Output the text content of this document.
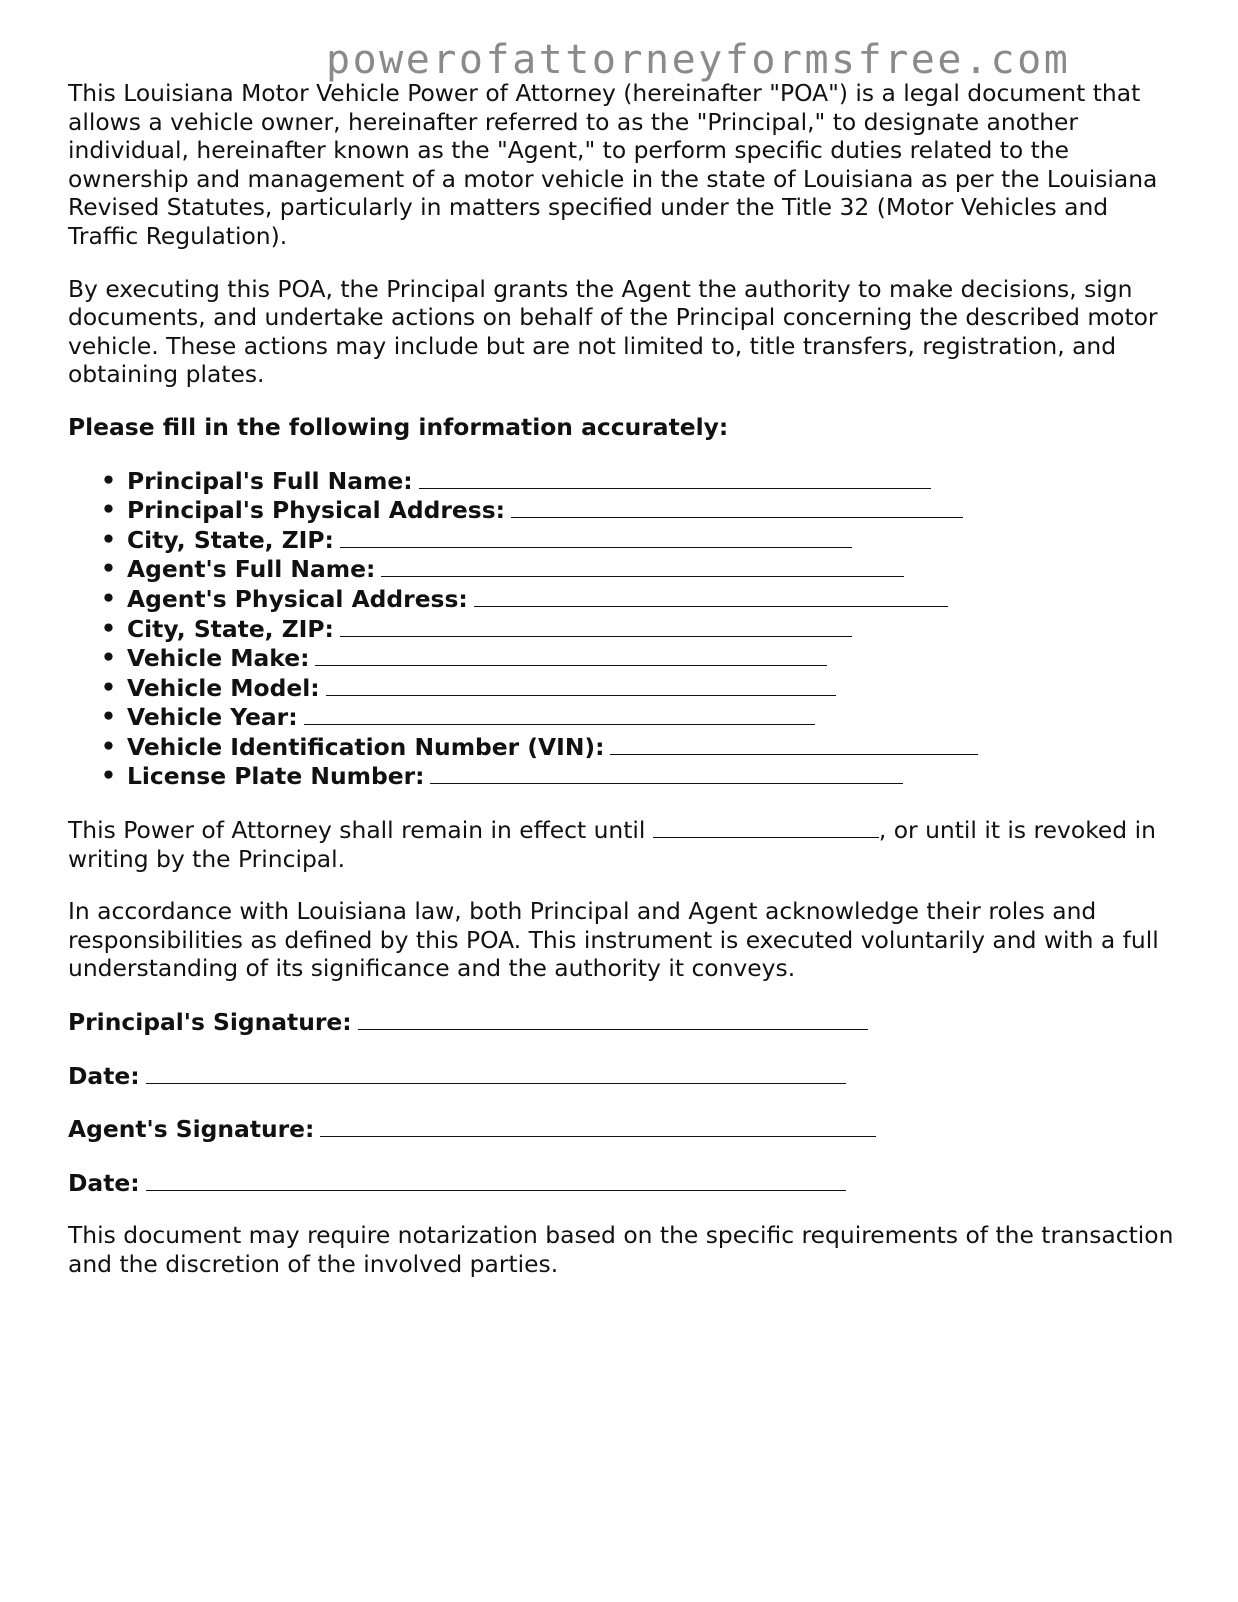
powerofattorneyformsfree.com

This Louisiana Motor Vehicle Power of Attorney (hereinafter "POA") is a legal document that allows a vehicle owner, hereinafter referred to as the "Principal," to designate another individual, hereinafter known as the "Agent," to perform specific duties related to the ownership and management of a motor vehicle in the state of Louisiana as per the Louisiana Revised Statutes, particularly in matters specified under the Title 32 (Motor Vehicles and Traffic Regulation).

By executing this POA, the Principal grants the Agent the authority to make decisions, sign documents, and undertake actions on behalf of the Principal concerning the described motor vehicle. These actions may include but are not limited to, title transfers, registration, and obtaining plates.

Please fill in the following information accurately:

• Principal's Full Name:
• Principal's Physical Address:
• City, State, ZIP:
• Agent's Full Name:
• Agent's Physical Address:
• City, State, ZIP:
• Vehicle Make:
• Vehicle Model:
• Vehicle Year:
• Vehicle Identification Number (VIN):
• License Plate Number:

This Power of Attorney shall remain in effect until	, or until it is revoked in writing by the Principal.

In accordance with Louisiana law, both Principal and Agent acknowledge their roles and responsibilities as defined by this POA. This instrument is executed voluntarily and with a full understanding of its significance and the authority it conveys.

Principal's Signature:

Date:

Agent's Signature:

Date:

This document may require notarization based on the specific requirements of the transaction and the discretion of the involved parties.
